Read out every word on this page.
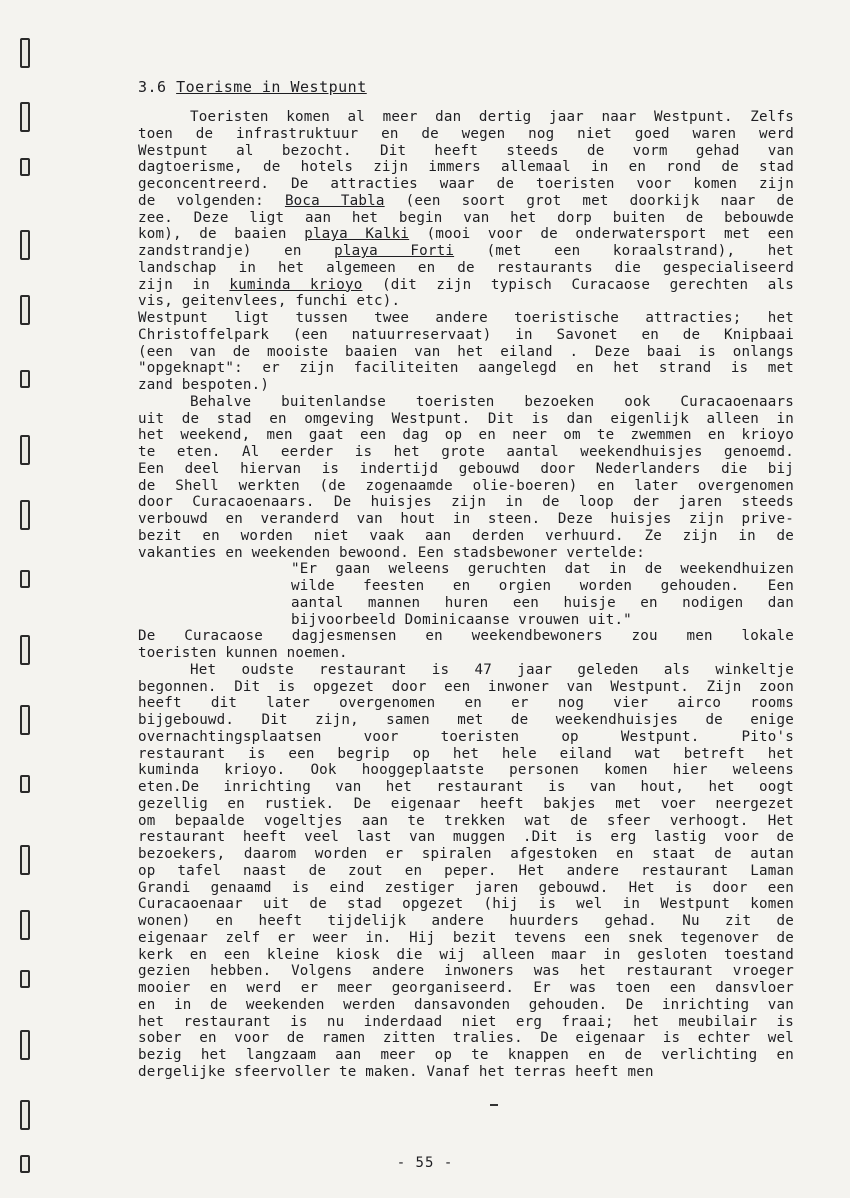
3.6 Toerisme in Westpunt
Toeristen komen al meer dan dertig jaar naar Westpunt. Zelfs
toen de infrastruktuur en de wegen nog niet goed waren werd
Westpunt al bezocht. Dit heeft steeds de vorm gehad van
dagtoerisme, de hotels zijn immers allemaal in en rond de stad
geconcentreerd. De attracties waar de toeristen voor komen zijn
de volgenden: Boca Tabla (een soort grot met doorkijk naar de
zee. Deze ligt aan het begin van het dorp buiten de bebouwde
kom), de baaien playa Kalki (mooi voor de onderwatersport met een
zandstrandje) en playa Forti (met een koraalstrand), het
landschap in het algemeen en de restaurants die gespecialiseerd
zijn in kuminda krioyo (dit zijn typisch Curacaose gerechten als
vis, geitenvlees, funchi etc).
Westpunt ligt tussen twee andere toeristische attracties; het
Christoffelpark (een natuurreservaat) in Savonet en de Knipbaai
(een van de mooiste baaien van het eiland . Deze baai is onlangs
"opgeknapt": er zijn faciliteiten aangelegd en het strand is met
zand bespoten.)
Behalve buitenlandse toeristen bezoeken ook Curacaoenaars
uit de stad en omgeving Westpunt. Dit is dan eigenlijk alleen in
het weekend, men gaat een dag op en neer om te zwemmen en krioyo
te eten. Al eerder is het grote aantal weekendhuisjes genoemd.
Een deel hiervan is indertijd gebouwd door Nederlanders die bij
de Shell werkten (de zogenaamde olie-boeren) en later overgenomen
door Curacaoenaars. De huisjes zijn in de loop der jaren steeds
verbouwd en veranderd van hout in steen. Deze huisjes zijn prive-
bezit en worden niet vaak aan derden verhuurd. Ze zijn in de
vakanties en weekenden bewoond. Een stadsbewoner vertelde:
"Er gaan weleens geruchten dat in de weekendhuizen
wilde feesten en orgien worden gehouden. Een
aantal mannen huren een huisje en nodigen dan
bijvoorbeeld Dominicaanse vrouwen uit."
De Curacaose dagjesmensen en weekendbewoners zou men lokale
toeristen kunnen noemen.
Het oudste restaurant is 47 jaar geleden als winkeltje
begonnen. Dit is opgezet door een inwoner van Westpunt. Zijn zoon
heeft dit later overgenomen en er nog vier airco rooms
bijgebouwd. Dit zijn, samen met de weekendhuisjes de enige
overnachtingsplaatsen voor toeristen op Westpunt. Pito's
restaurant is een begrip op het hele eiland wat betreft het
kuminda krioyo. Ook hooggeplaatste personen komen hier weleens
eten.De inrichting van het restaurant is van hout, het oogt
gezellig en rustiek. De eigenaar heeft bakjes met voer neergezet
om bepaalde vogeltjes aan te trekken wat de sfeer verhoogt. Het
restaurant heeft veel last van muggen .Dit is erg lastig voor de
bezoekers, daarom worden er spiralen afgestoken en staat de autan
op tafel naast de zout en peper. Het andere restaurant Laman
Grandi genaamd is eind zestiger jaren gebouwd. Het is door een
Curacaoenaar uit de stad opgezet (hij is wel in Westpunt komen
wonen) en heeft tijdelijk andere huurders gehad. Nu zit de
eigenaar zelf er weer in. Hij bezit tevens een snek tegenover de
kerk en een kleine kiosk die wij alleen maar in gesloten toestand
gezien hebben. Volgens andere inwoners was het restaurant vroeger
mooier en werd er meer georganiseerd. Er was toen een dansvloer
en in de weekenden werden dansavonden gehouden. De inrichting van
het restaurant is nu inderdaad niet erg fraai; het meubilair is
sober en voor de ramen zitten tralies. De eigenaar is echter wel
bezig het langzaam aan meer op te knappen en de verlichting en
dergelijke sfeervoller te maken. Vanaf het terras heeft men
- 55 -
